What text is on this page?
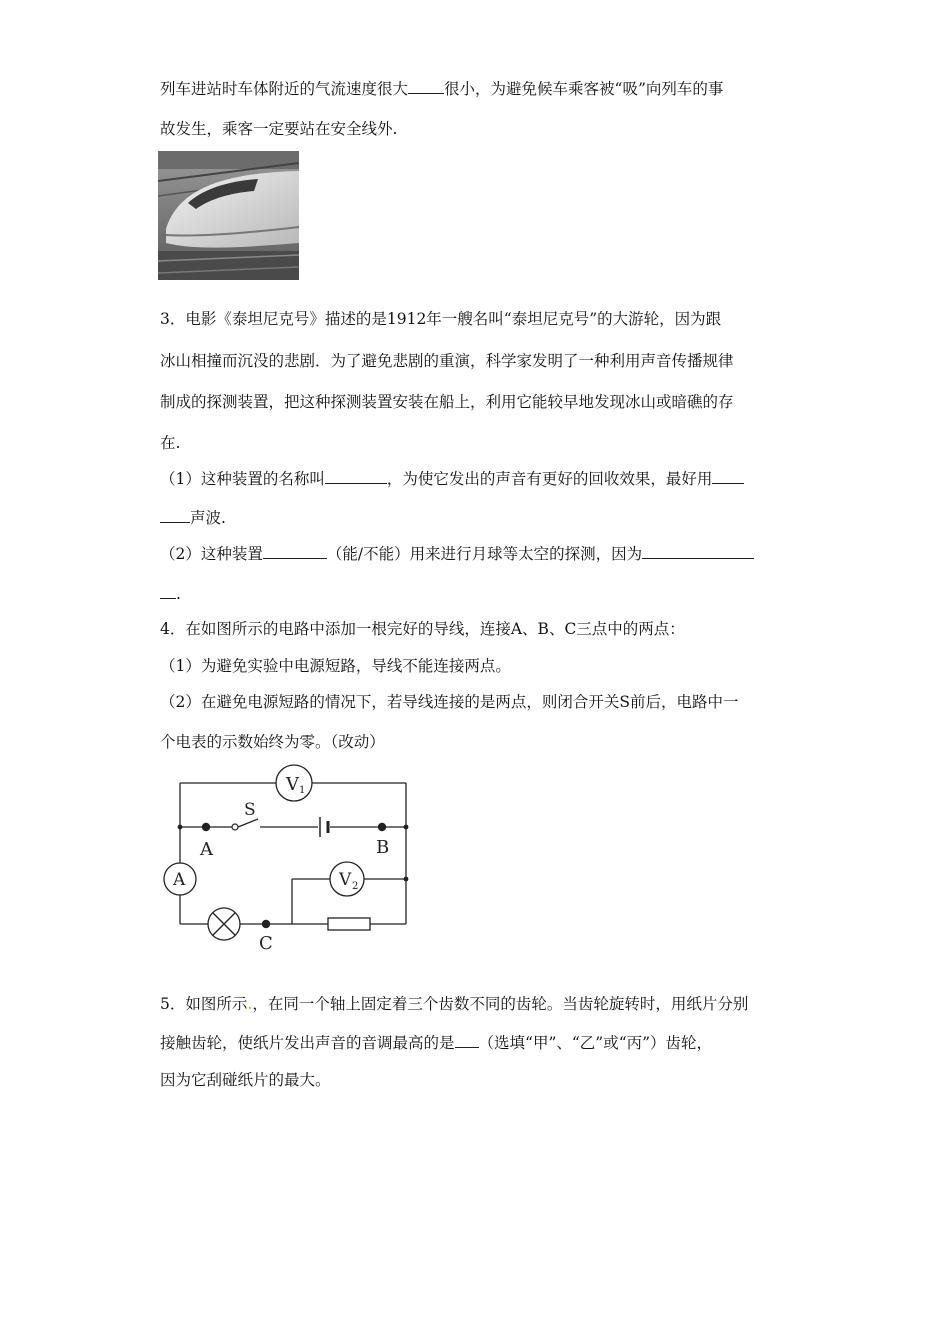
列车进站时车体附近的气流速度很大 很小，为避免候车乘客被“吸”向列车的事
故发生，乘客一定要站在安全线外.
3．电影《泰坦尼克号》描述的是1912年一艘名叫“泰坦尼克号”的大游轮，因为跟
冰山相撞而沉没的悲剧．为了避免悲剧的重演，科学家发明了一种利用声音传播规律
制成的探测装置，把这种探测装置安装在船上，利用它能较早地发现冰山或暗礁的存
在.
（1）这种装置的名称叫	，为使它发出的声音有更好的回收效果，最好用
声波.
（2）这种装置	（能/不能）用来进行月球等太空的探测，因为
.
4．在如图所示的电路中添加一根完好的导线，连接A、B、C三点中的两点：
（1）为避免实验中电源短路，导线不能连接两点。
（2）在避免电源短路的情况下，若导线连接的是两点，则闭合开关S前后，电路中一
个电表的示数始终为零。（改动）
V 1
V 2
A
S
A	B
C
5．如图所示.，在同一个轴上固定着三个齿数不同的齿轮。当齿轮旋转时，用纸片分别
接触齿轮，使纸片发出声音的音调最高的是 （选填“甲”、“乙”或“丙”）齿轮，
因为它刮碰纸片的最大。
